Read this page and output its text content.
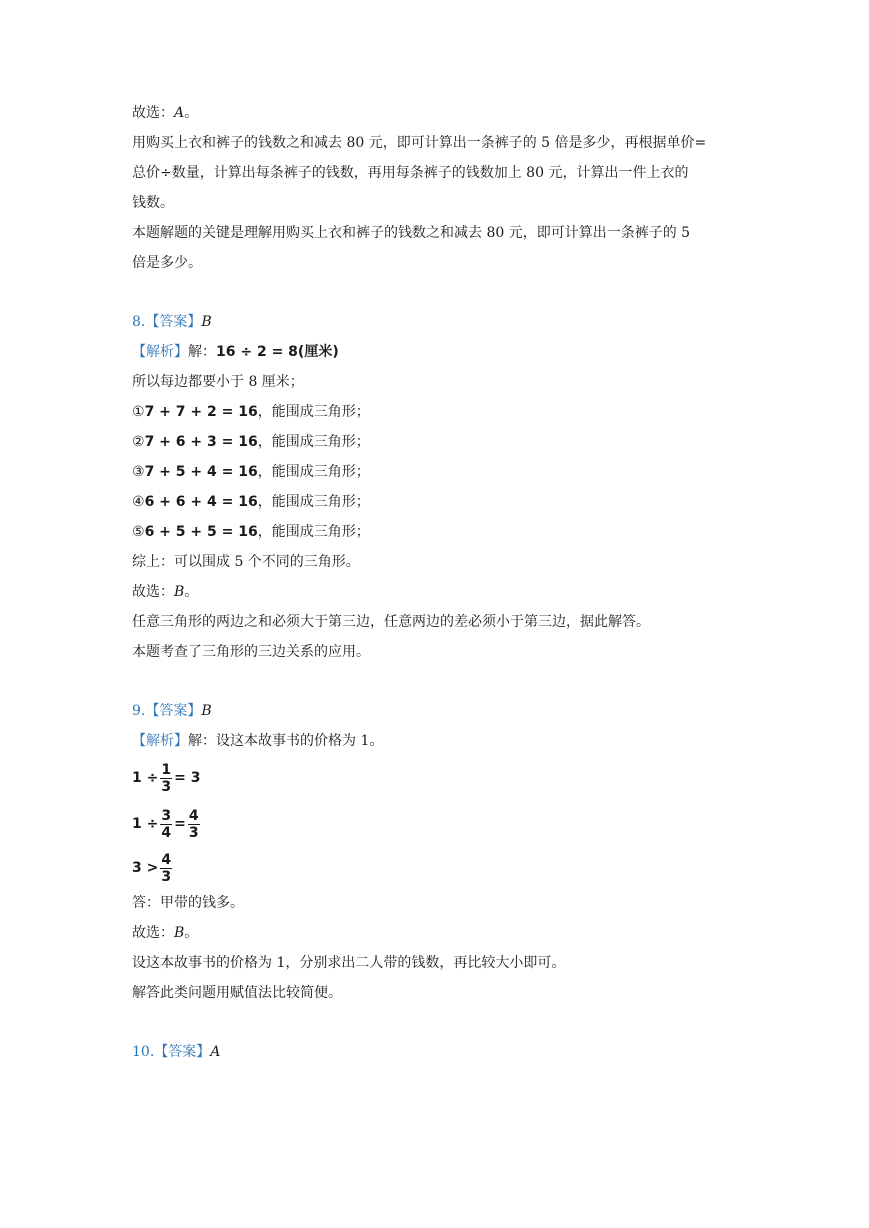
故选：A。
用购买上衣和裤子的钱数之和减去 80 元，即可计算出一条裤子的 5 倍是多少，再根据单价=
总价÷数量，计算出每条裤子的钱数，再用每条裤子的钱数加上 80 元，计算出一件上衣的
钱数。
本题解题的关键是理解用购买上衣和裤子的钱数之和减去 80 元，即可计算出一条裤子的 5
倍是多少。
8.【答案】B
【解析】解：16 ÷ 2 = 8(厘米)
所以每边都要小于 8 厘米；
①7 + 7 + 2 = 16，能围成三角形；
②7 + 6 + 3 = 16，能围成三角形；
③7 + 5 + 4 = 16，能围成三角形；
④6 + 6 + 4 = 16，能围成三角形；
⑤6 + 5 + 5 = 16，能围成三角形；
综上：可以围成 5 个不同的三角形。
故选：B。
任意三角形的两边之和必须大于第三边，任意两边的差必须小于第三边，据此解答。
本题考查了三角形的三边关系的应用。
9.【答案】B
【解析】解：设这本故事书的价格为 1。
$1 \div \frac{1}{3} = 3$
$1 \div \frac{3}{4} = \frac{4}{3}$
$3 > \frac{4}{3}$
答：甲带的钱多。
故选：B。
设这本故事书的价格为 1，分别求出二人带的钱数，再比较大小即可。
解答此类问题用赋值法比较简便。
10.【答案】A
